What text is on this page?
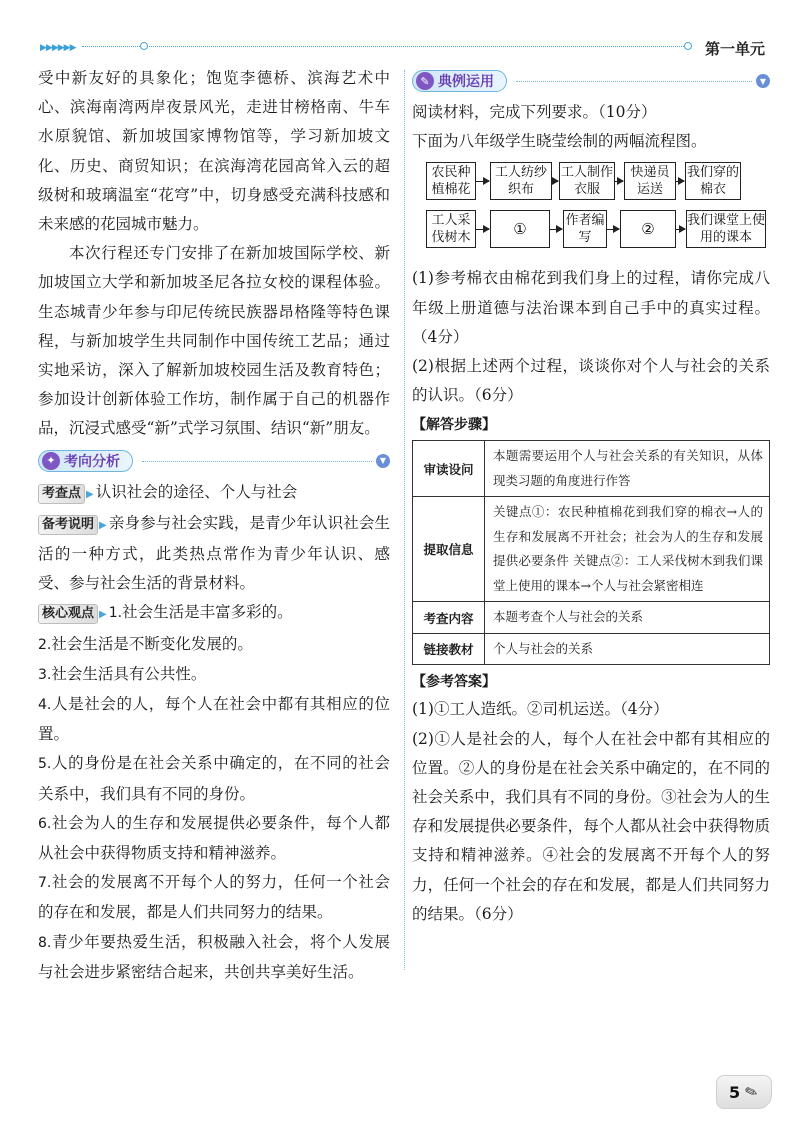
▶▶▶▶▶▶	第一单元

受中新友好的具象化；饱览李德桥、滨海艺术中心、滨海南湾两岸夜景风光，走进甘榜格南、牛车水原貌馆、新加坡国家博物馆等，学习新加坡文化、历史、商贸知识；在滨海湾花园高耸入云的超级树和玻璃温室“花穹”中，切身感受充满科技感和未来感的花园城市魅力。

本次行程还专门安排了在新加坡国际学校、新加坡国立大学和新加坡圣尼各拉女校的课程体验。生态城青少年参与印尼传统民族器昂格隆等特色课程，与新加坡学生共同制作中国传统工艺品；通过实地采访，深入了解新加坡校园生活及教育特色；参加设计创新体验工作坊，制作属于自己的机器作品，沉浸式感受“新”式学习氛围、结识“新”朋友。

✦ 考向分析	▼

考查点 ▶ 认识社会的途径、个人与社会

备考说明 ▶ 亲身参与社会实践，是青少年认识社会生活的一种方式，此类热点常作为青少年认识、感受、参与社会生活的背景材料。

核心观点 ▶ 1.社会生活是丰富多彩的。

2.社会生活是不断变化发展的。

3.社会生活具有公共性。

4.人是社会的人，每个人在社会中都有其相应的位置。

5.人的身份是在社会关系中确定的，在不同的社会关系中，我们具有不同的身份。

6.社会为人的生存和发展提供必要条件，每个人都从社会中获得物质支持和精神滋养。

7.社会的发展离不开每个人的努力，任何一个社会的存在和发展，都是人们共同努力的结果。

8.青少年要热爱生活，积极融入社会，将个人发展与社会进步紧密结合起来，共创共享美好生活。

✎ 典例运用	▼

阅读材料，完成下列要求。（10分）

下面为八年级学生晓莹绘制的两幅流程图。

农民种植棉花
工人纺纱织布
工人制作衣服
快递员运送
我们穿的棉衣
工人采伐树木	①	作者编写	②	我们课堂上使用的课本

(1)参考棉衣由棉花到我们身上的过程，请你完成八年级上册道德与法治课本到自己手中的真实过程。（4分）

(2)根据上述两个过程，谈谈你对个人与社会的关系的认识。（6分）

【解答步骤】
审读设问	本题需要运用个人与社会关系的有关知识，从体现类习题的角度进行作答
提取信息	关键点①：农民种植棉花到我们穿的棉衣→人的生存和发展离不开社会；社会为人的生存和发展提供必要条件 关键点②：工人采伐树木到我们课堂上使用的课本→个人与社会紧密相连
考查内容	本题考查个人与社会的关系
链接教材	个人与社会的关系
【参考答案】

(1)①工人造纸。②司机运送。（4分）

(2)①人是社会的人，每个人在社会中都有其相应的位置。②人的身份是在社会关系中确定的，在不同的社会关系中，我们具有不同的身份。③社会为人的生存和发展提供必要条件，每个人都从社会中获得物质支持和精神滋养。④社会的发展离不开每个人的努力，任何一个社会的存在和发展，都是人们共同努力的结果。（6分）

5 ✎
